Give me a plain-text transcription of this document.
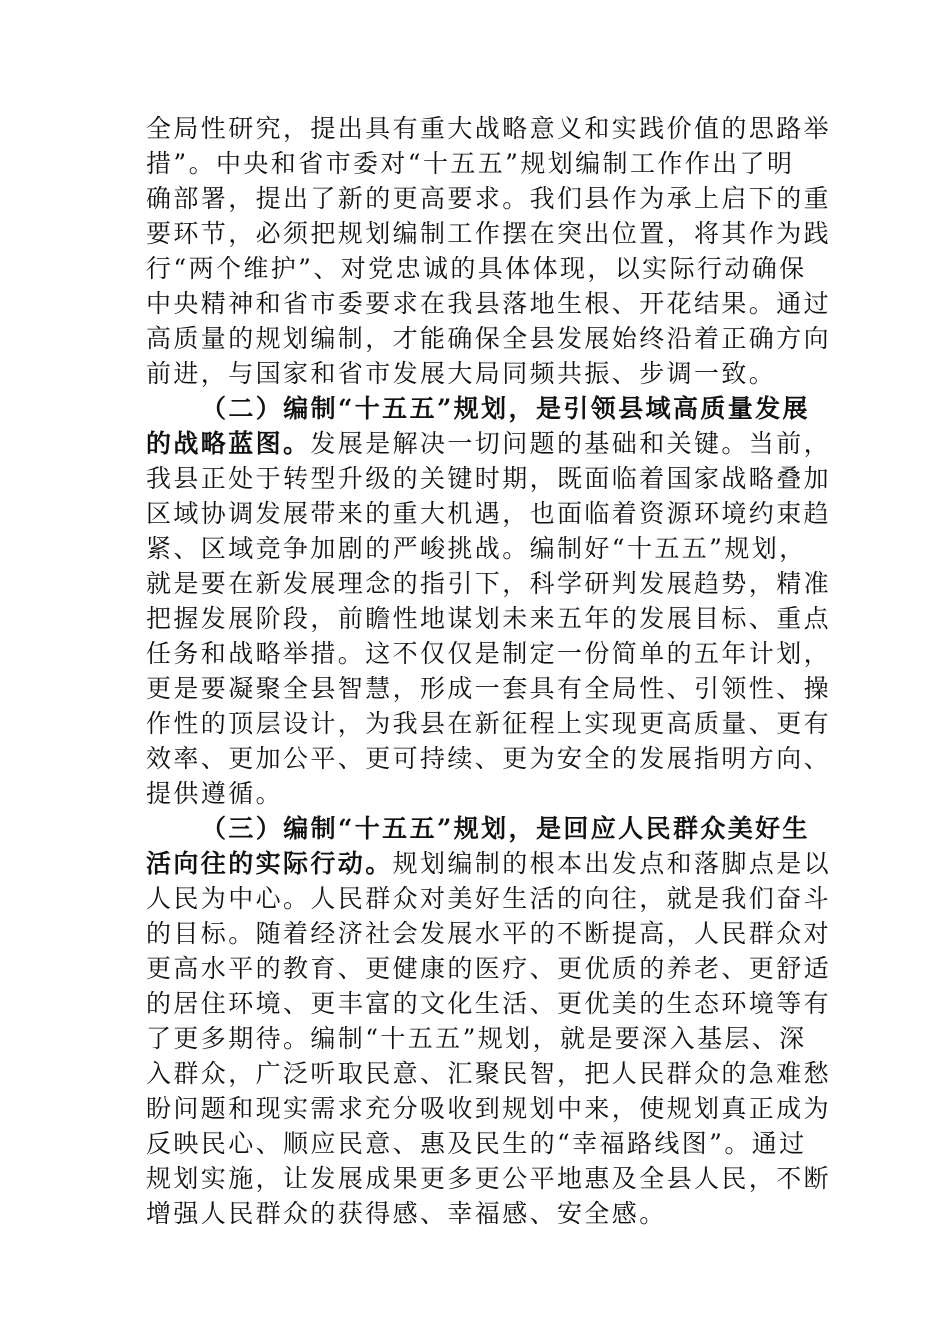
全局性研究，提出具有重大战略意义和实践价值的思路举
措”。中央和省市委对“十五五”规划编制工作作出了明
确部署，提出了新的更高要求。我们县作为承上启下的重
要环节，必须把规划编制工作摆在突出位置，将其作为践
行“两个维护”、对党忠诚的具体体现，以实际行动确保
中央精神和省市委要求在我县落地生根、开花结果。通过
高质量的规划编制，才能确保全县发展始终沿着正确方向
前进，与国家和省市发展大局同频共振、步调一致。
（二）编制“十五五”规划，是引领县域高质量发展
的战略蓝图。发展是解决一切问题的基础和关键。当前，
我县正处于转型升级的关键时期，既面临着国家战略叠加
区域协调发展带来的重大机遇，也面临着资源环境约束趋
紧、区域竞争加剧的严峻挑战。编制好“十五五”规划，
就是要在新发展理念的指引下，科学研判发展趋势，精准
把握发展阶段，前瞻性地谋划未来五年的发展目标、重点
任务和战略举措。这不仅仅是制定一份简单的五年计划，
更是要凝聚全县智慧，形成一套具有全局性、引领性、操
作性的顶层设计，为我县在新征程上实现更高质量、更有
效率、更加公平、更可持续、更为安全的发展指明方向、
提供遵循。
（三）编制“十五五”规划，是回应人民群众美好生
活向往的实际行动。规划编制的根本出发点和落脚点是以
人民为中心。人民群众对美好生活的向往，就是我们奋斗
的目标。随着经济社会发展水平的不断提高，人民群众对
更高水平的教育、更健康的医疗、更优质的养老、更舒适
的居住环境、更丰富的文化生活、更优美的生态环境等有
了更多期待。编制“十五五”规划，就是要深入基层、深
入群众，广泛听取民意、汇聚民智，把人民群众的急难愁
盼问题和现实需求充分吸收到规划中来，使规划真正成为
反映民心、顺应民意、惠及民生的“幸福路线图”。通过
规划实施，让发展成果更多更公平地惠及全县人民，不断
增强人民群众的获得感、幸福感、安全感。
